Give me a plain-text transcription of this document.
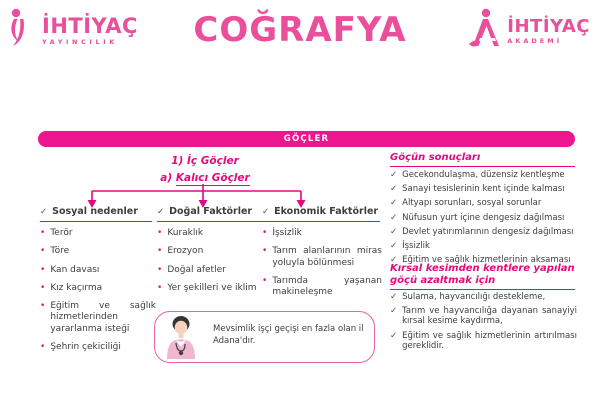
İHTİYAÇ
YAYINCILIK	COĞRAFYA	İHTİYAÇ
AKADEMİ
GÖÇLER
1) İç Göçler
a) Kalıcı Göçler
✓ Sosyal nedenler
• Terör
• Töre
• Kan davası
• Kız kaçırma
• Eğitim ve sağlık hizmetlerinden yararlanma isteği
• Şehrin çekiciliği
✓ Doğal Faktörler
• Kuraklık
• Erozyon
• Doğal afetler
• Yer şekilleri ve iklim
✓ Ekonomik Faktörler
• İşsizlik
• Tarım alanlarının miras yoluyla bölünmesi
• Tarımda yaşanan makineleşme
Mevsimlik işçi geçişi en fazla olan il Adana'dır.
Göçün sonuçları
✓ Gecekondulaşma, düzensiz kentleşme
✓ Sanayi tesislerinin kent içinde kalması
✓ Altyapı sorunları, sosyal sorunlar
✓ Nüfusun yurt içine dengesiz dağılması
✓ Devlet yatırımlarının dengesiz dağılması
✓ İşsizlik
✓ Eğitim ve sağlık hizmetlerinin aksaması
Kırsal kesimden kentlere yapılan göçü azaltmak için
✓ Sulama, hayvancılığı destekleme,
✓ Tarım ve hayvancılığa dayanan sanayiyi kırsal kesime kaydırma,
✓ Eğitim ve sağlık hizmetlerinin artırılması gereklidir.
